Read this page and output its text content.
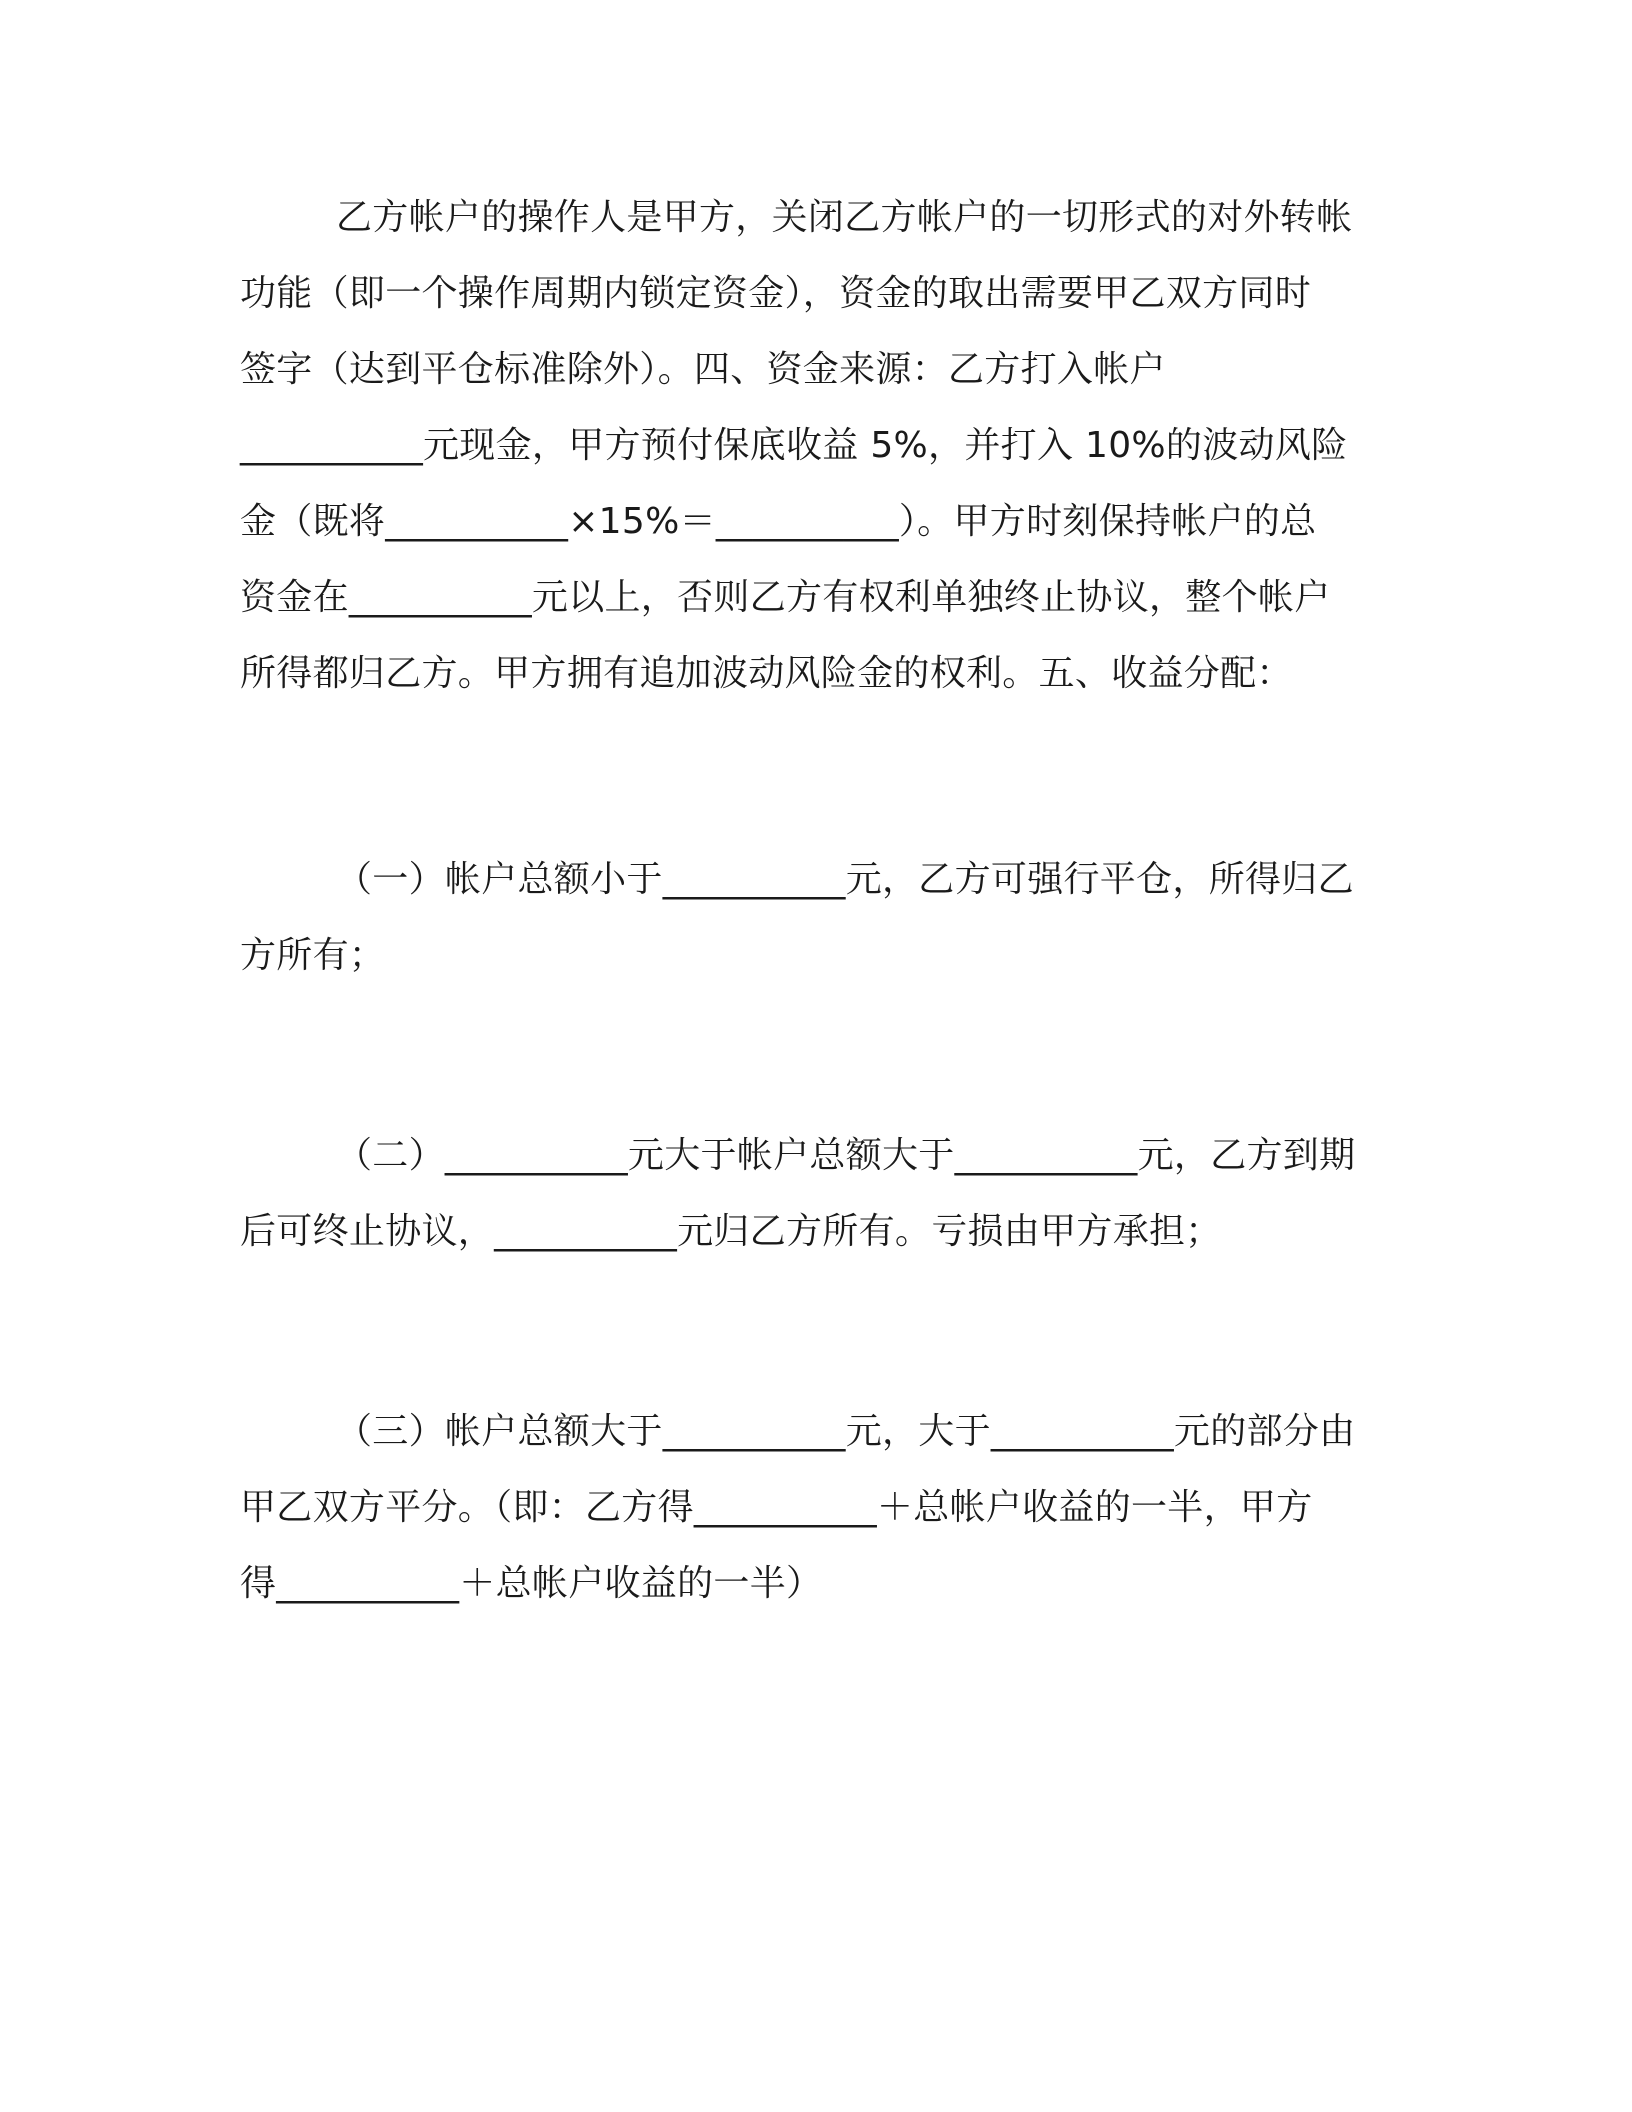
乙方帐户的操作人是甲方，关闭乙方帐户的一切形式的对外转帐
功能（即一个操作周期内锁定资金），资金的取出需要甲乙双方同时
签字（达到平仓标准除外）。四、资金来源：乙方打入帐户
__________元现金，甲方预付保底收益 5%，并打入 10%的波动风险
金（既将__________×15%＝__________）。甲方时刻保持帐户的总
资金在__________元以上，否则乙方有权利单独终止协议，整个帐户
所得都归乙方。甲方拥有追加波动风险金的权利。五、收益分配：
（一）帐户总额小于__________元，乙方可强行平仓，所得归乙
方所有；
（二）__________元大于帐户总额大于__________元，乙方到期
后可终止协议，__________元归乙方所有。亏损由甲方承担；
（三）帐户总额大于__________元，大于__________元的部分由
甲乙双方平分。（即：乙方得__________＋总帐户收益的一半，甲方
得__________＋总帐户收益的一半）
